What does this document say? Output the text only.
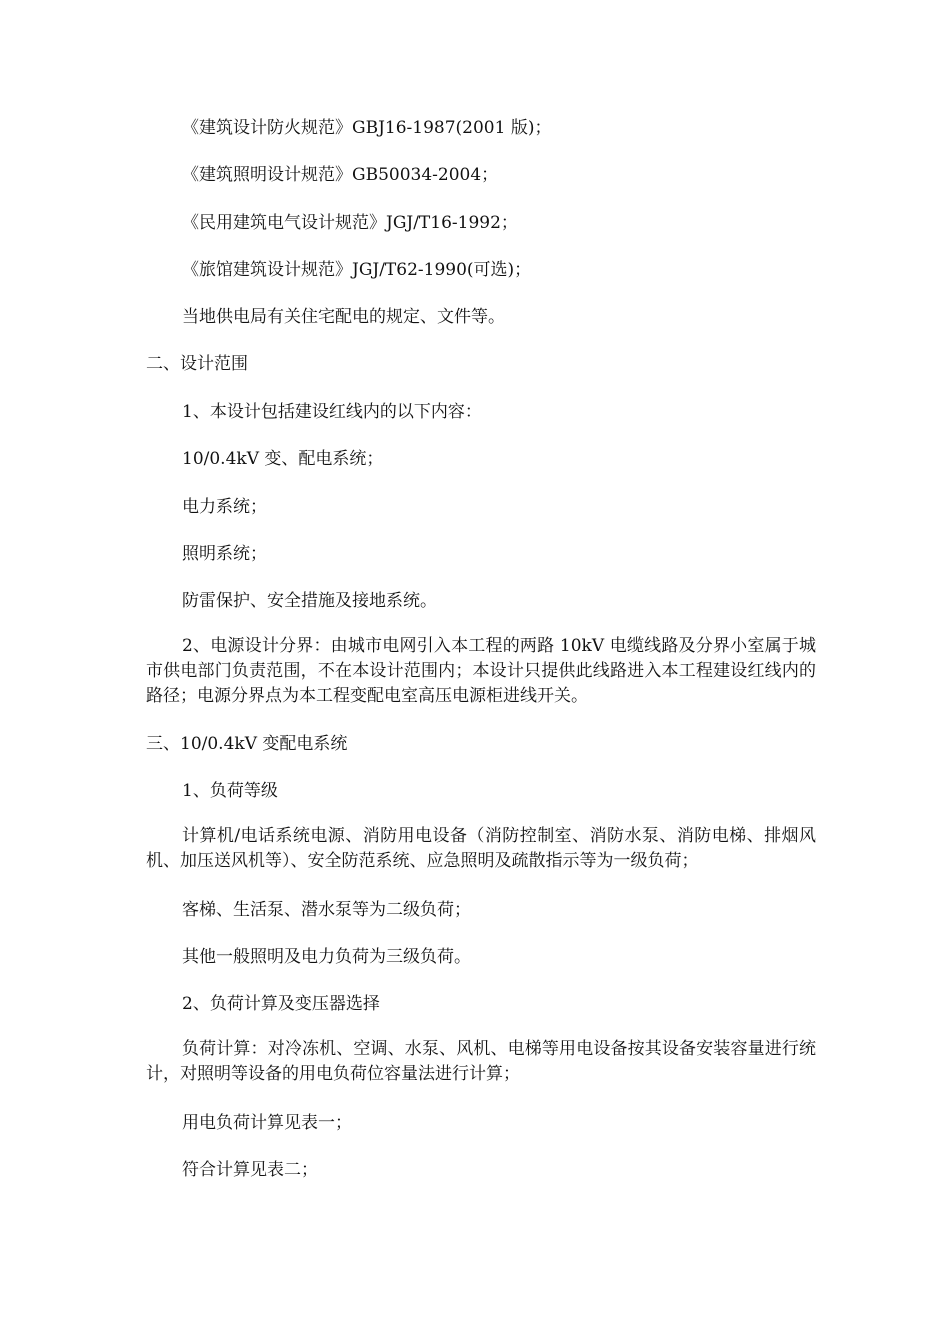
《建筑设计防火规范》GBJ16-1987(2001 版)；
《建筑照明设计规范》GB50034-2004；
《民用建筑电气设计规范》JGJ/T16-1992；
《旅馆建筑设计规范》JGJ/T62-1990(可选)；
当地供电局有关住宅配电的规定、文件等。
二、设计范围
1、本设计包括建设红线内的以下内容：
10/0.4kV 变、配电系统；
电力系统；
照明系统；
防雷保护、安全措施及接地系统。
2、电源设计分界：由城市电网引入本工程的两路 10kV 电缆线路及分界小室属于城市供电部门负责范围，不在本设计范围内；本设计只提供此线路进入本工程建设红线内的路径；电源分界点为本工程变配电室高压电源柜进线开关。
三、10/0.4kV 变配电系统
1、负荷等级
计算机/电话系统电源、消防用电设备（消防控制室、消防水泵、消防电梯、排烟风机、加压送风机等）、安全防范系统、应急照明及疏散指示等为一级负荷；
客梯、生活泵、潜水泵等为二级负荷；
其他一般照明及电力负荷为三级负荷。
2、负荷计算及变压器选择
负荷计算：对冷冻机、空调、水泵、风机、电梯等用电设备按其设备安装容量进行统计，对照明等设备的用电负荷位容量法进行计算；
用电负荷计算见表一；
符合计算见表二；
